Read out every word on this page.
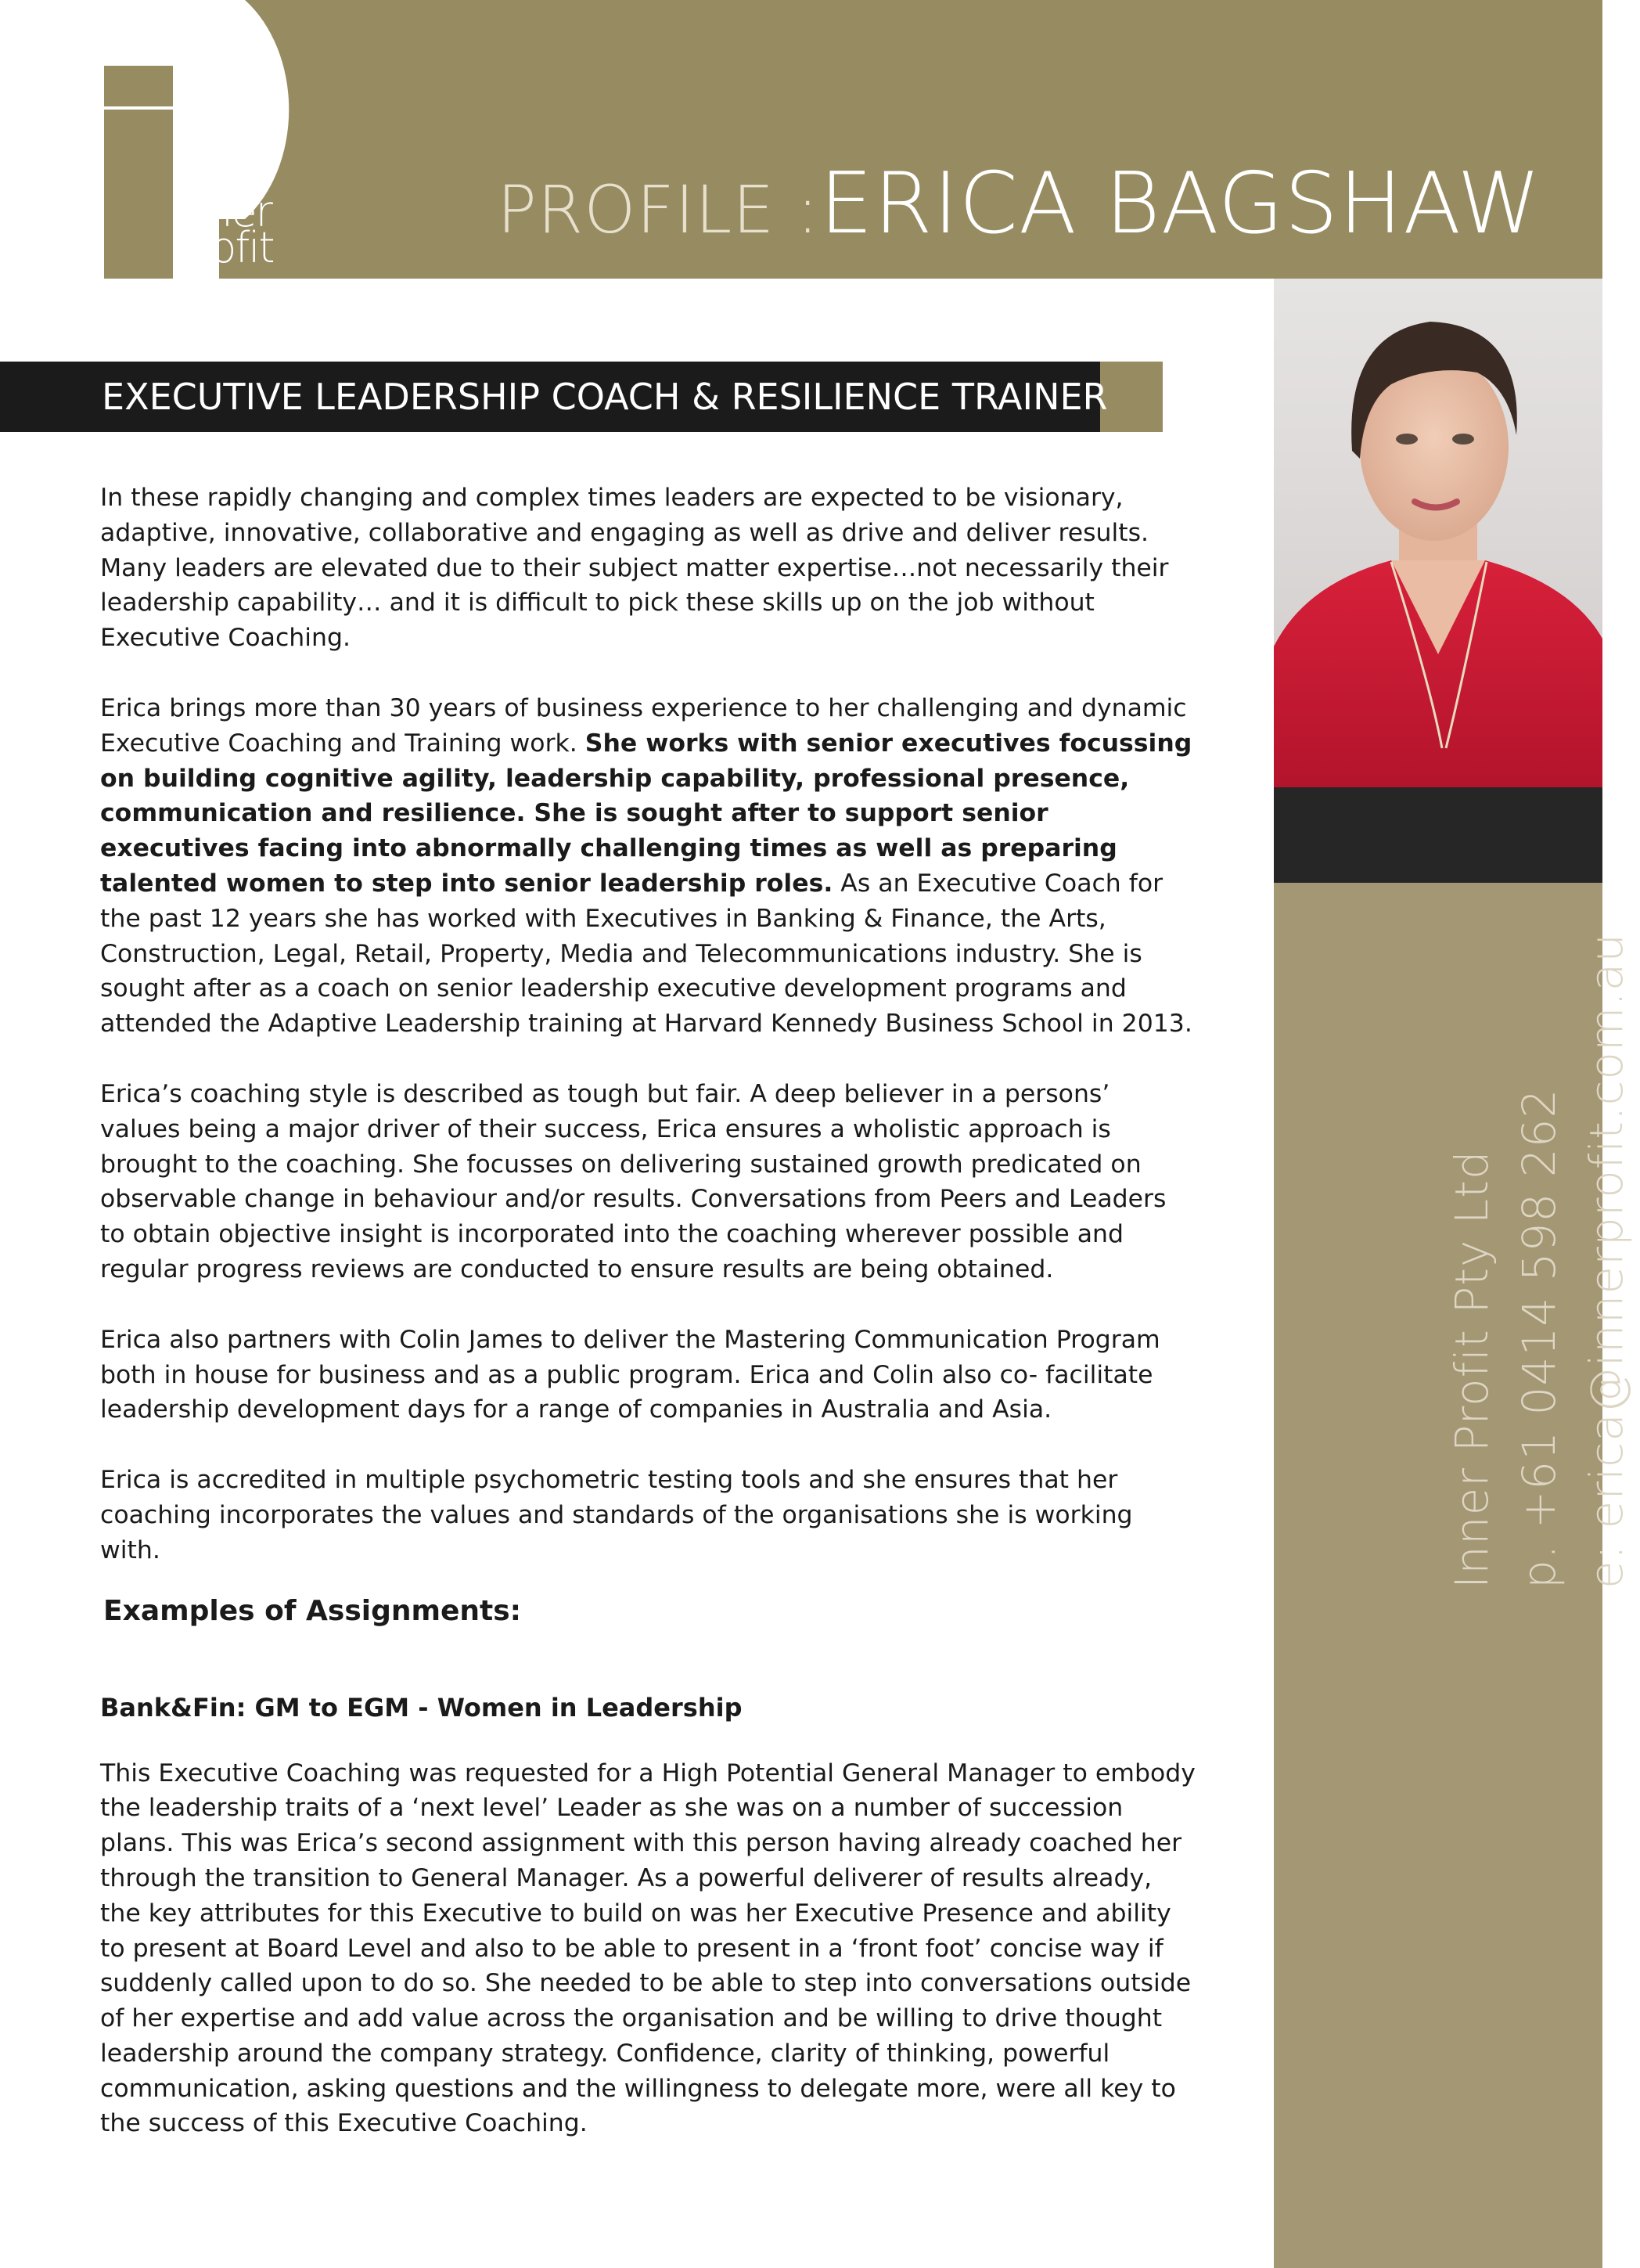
inner
profit	PROFILE :ERICA BAGSHAW
Inner Profit Pty Ltd p. +61 0414 598 262 e: erica@innerprofit.com.au
EXECUTIVE LEADERSHIP COACH & RESILIENCE TRAINER

In these rapidly changing and complex times leaders are expected to be visionary, adaptive, innovative, collaborative and engaging as well as drive and deliver results. Many leaders are elevated due to their subject matter expertise…not necessarily their leadership capability… and it is difficult to pick these skills up on the job without Executive Coaching.

Erica brings more than 30 years of business experience to her challenging and dynamic Executive Coaching and Training work. She works with senior executives focussing on building cognitive agility, leadership capability, professional presence, communication and resilience. She is sought after to support senior executives facing into abnormally challenging times as well as preparing talented women to step into senior leadership roles. As an Executive Coach for the past 12 years she has worked with Executives in Banking & Finance, the Arts, Construction, Legal, Retail, Property, Media and Telecommunications industry. She is sought after as a coach on senior leadership executive development programs and attended the Adaptive Leadership training at Harvard Kennedy Business School in 2013.

Erica’s coaching style is described as tough but fair. A deep believer in a persons’ values being a major driver of their success, Erica ensures a wholistic approach is brought to the coaching. She focusses on delivering sustained growth predicated on observable change in behaviour and/or results. Conversations from Peers and Leaders to obtain objective insight is incorporated into the coaching wherever possible and regular progress reviews are conducted to ensure results are being obtained.

Erica also partners with Colin James to deliver the Mastering Communication Program both in house for business and as a public program. Erica and Colin also co- facilitate leadership development days for a range of companies in Australia and Asia.

Erica is accredited in multiple psychometric testing tools and she ensures that her coaching incorporates the values and standards of the organisations she is working with.

Examples of Assignments:
Bank&Fin: GM to EGM - Women in Leadership

This Executive Coaching was requested for a High Potential General Manager to embody the leadership traits of a ‘next level’ Leader as she was on a number of succession plans. This was Erica’s second assignment with this person having already coached her through the transition to General Manager. As a powerful deliverer of results already, the key attributes for this Executive to build on was her Executive Presence and ability to present at Board Level and also to be able to present in a ‘front foot’ concise way if suddenly called upon to do so. She needed to be able to step into conversations outside of her expertise and add value across the organisation and be willing to drive thought leadership around the company strategy. Confidence, clarity of thinking, powerful communication, asking questions and the willingness to delegate more, were all key to the success of this Executive Coaching.
